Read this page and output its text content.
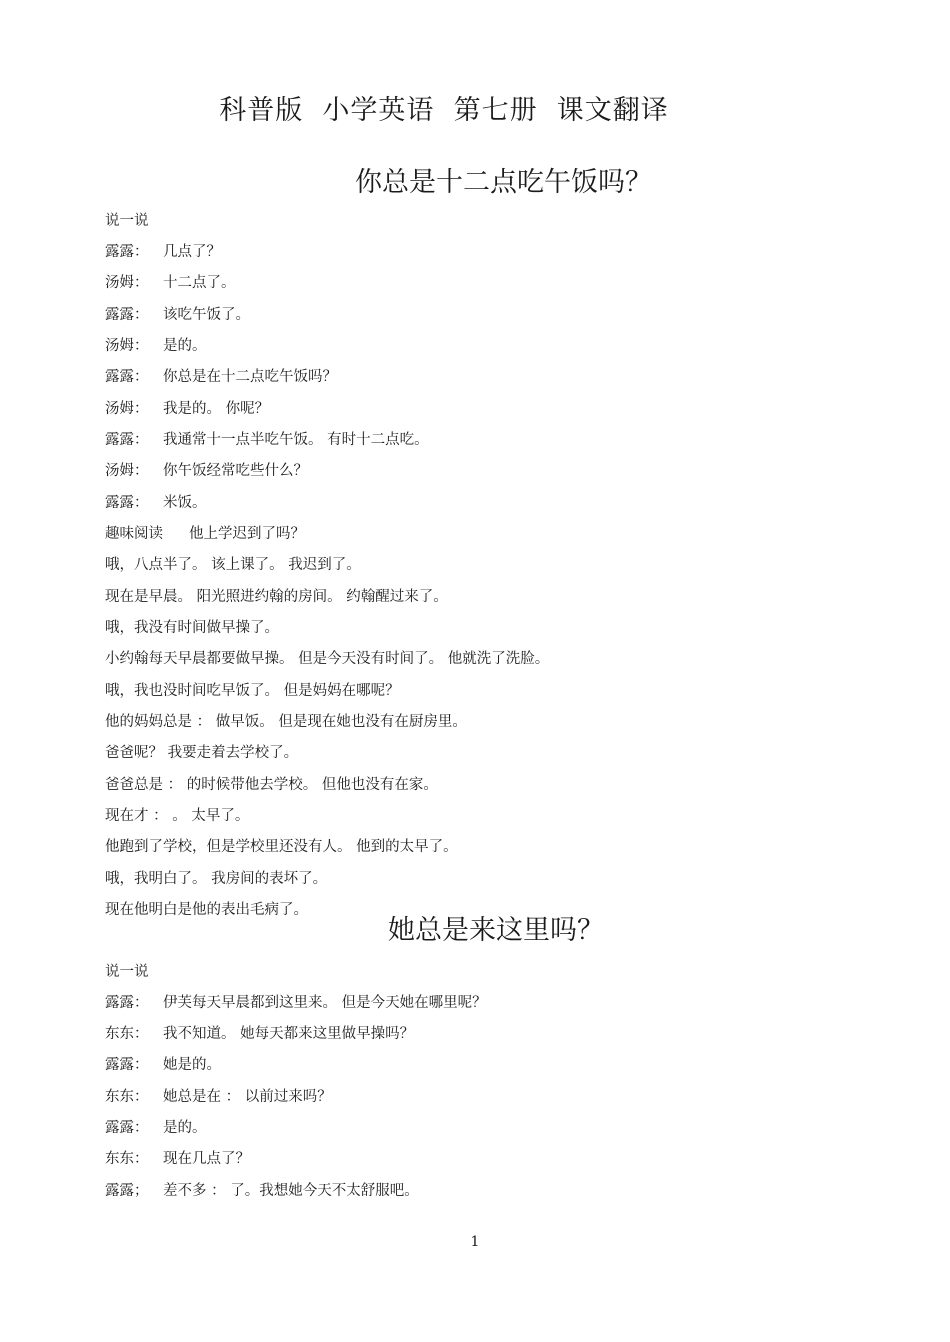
科普版  小学英语  第七册  课文翻译
你总是十二点吃午饭吗？
说一说
露露： 几点了？
汤姆： 十二点了。
露露： 该吃午饭了。
汤姆： 是的。
露露： 你总是在十二点吃午饭吗？
汤姆： 我是的。 你呢？
露露： 我通常十一点半吃午饭。 有时十二点吃。
汤姆： 你午饭经常吃些什么？
露露： 米饭。
趣味阅读 他上学迟到了吗？
哦，八点半了。 该上课了。 我迟到了。
现在是早晨。 阳光照进约翰的房间。 约翰醒过来了。
哦，我没有时间做早操了。
小约翰每天早晨都要做早操。 但是今天没有时间了。 他就洗了洗脸。
哦，我也没时间吃早饭了。 但是妈妈在哪呢？
他的妈妈总是 ： 做早饭。 但是现在她也没有在厨房里。
爸爸呢？ 我要走着去学校了。
爸爸总是 ： 的时候带他去学校。 但他也没有在家。
现在才 ： 。 太早了。
他跑到了学校，但是学校里还没有人。 他到的太早了。
哦，我明白了。 我房间的表坏了。
现在他明白是他的表出毛病了。
她总是来这里吗？
说一说
露露： 伊芙每天早晨都到这里来。 但是今天她在哪里呢？
东东： 我不知道。 她每天都来这里做早操吗？
露露： 她是的。
东东： 她总是在 ： 以前过来吗？
露露： 是的。
东东： 现在几点了？
露露； 差不多 ： 了。我想她今天不太舒服吧。
1
